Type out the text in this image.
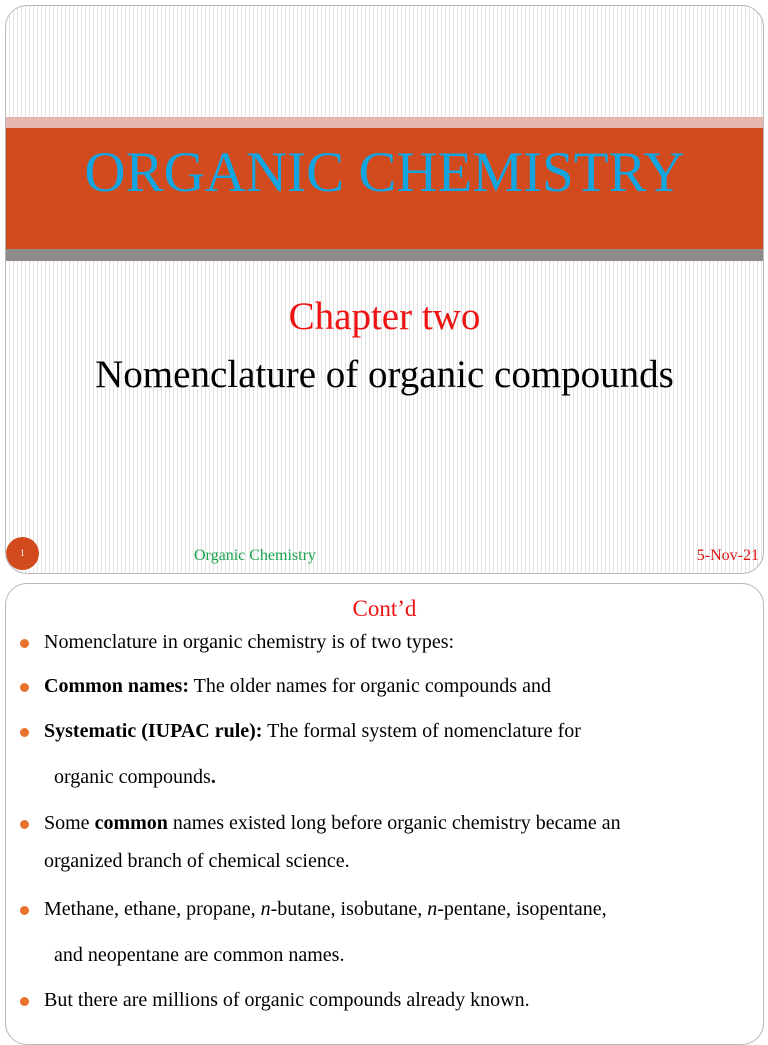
ORGANIC CHEMISTRY
Chapter two
Nomenclature of organic compounds
1	Organic Chemistry	5-Nov-21
Cont’d
Nomenclature in organic chemistry is of two types:
Common names: The older names for organic compounds and
Systematic (IUPAC rule): The formal system of nomenclature for
organic compounds.
Some common names existed long before organic chemistry became an
organized branch of chemical science.
Methane, ethane, propane, n-butane, isobutane, n-pentane, isopentane,
and neopentane are common names.
But there are millions of organic compounds already known.
